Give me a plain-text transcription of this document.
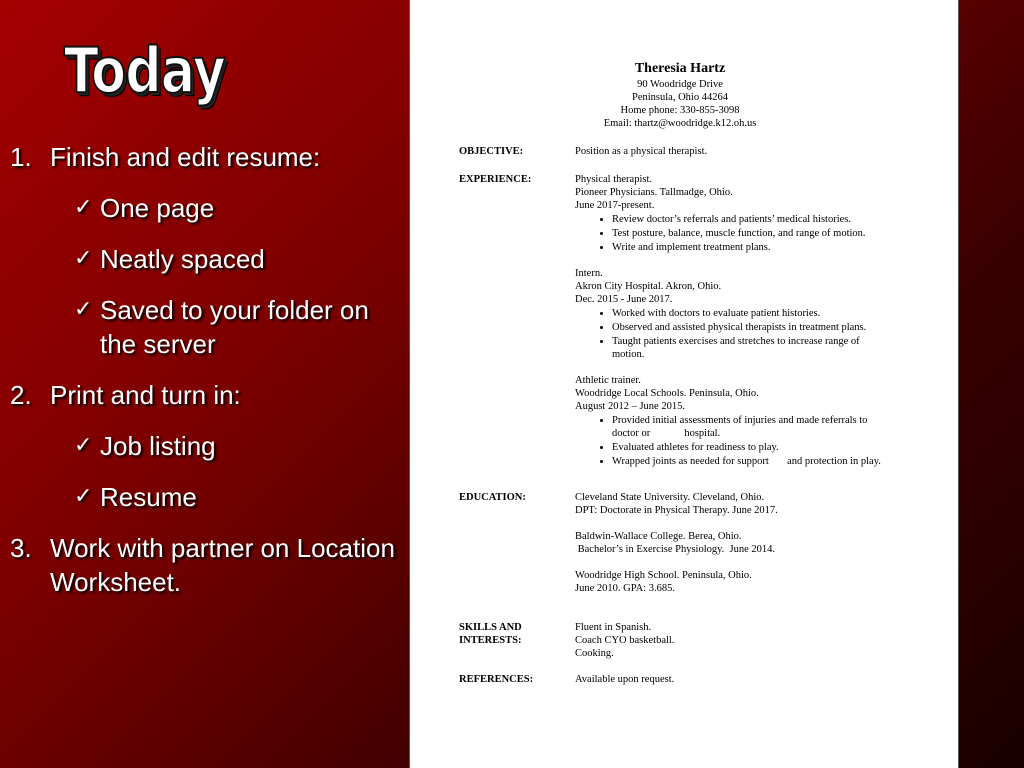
Today
1. Finish and edit resume:
✓ One page
✓ Neatly spaced
✓ Saved to your folder on the server
2. Print and turn in:
✓ Job listing
✓ Resume
3. Work with partner on Location Worksheet.
Theresia Hartz
90 Woodridge Drive
Peninsula, Ohio 44264
Home phone: 330-855-3098
Email: thartz@woodridge.k12.oh.us
OBJECTIVE:	Position as a physical therapist.
EXPERIENCE:	Physical therapist.
Pioneer Physicians. Tallmadge, Ohio.
June 2017-present.
• Review doctor’s referrals and patients’ medical histories.
• Test posture, balance, muscle function, and range of motion.
• Write and implement treatment plans.
Intern.
Akron City Hospital. Akron, Ohio.
Dec. 2015 - June 2017.
• Worked with doctors to evaluate patient histories.
• Observed and assisted physical therapists in treatment plans.
• Taught patients exercises and stretches to increase range of motion.
Athletic trainer.
Woodridge Local Schools. Peninsula, Ohio.
August 2012 – June 2015.
• Provided initial assessments of injuries and made referrals to doctor or             hospital.
• Evaluated athletes for readiness to play.
• Wrapped joints as needed for support       and protection in play.
EDUCATION:	Cleveland State University. Cleveland, Ohio.
DPT: Doctorate in Physical Therapy. June 2017.
Baldwin-Wallace College. Berea, Ohio.
Bachelor’s in Exercise Physiology.  June 2014.
Woodridge High School. Peninsula, Ohio.
June 2010. GPA: 3.685.
SKILLS AND
INTERESTS:
Fluent in Spanish.
Coach CYO basketball.
Cooking.
REFERENCES:	Available upon request.
